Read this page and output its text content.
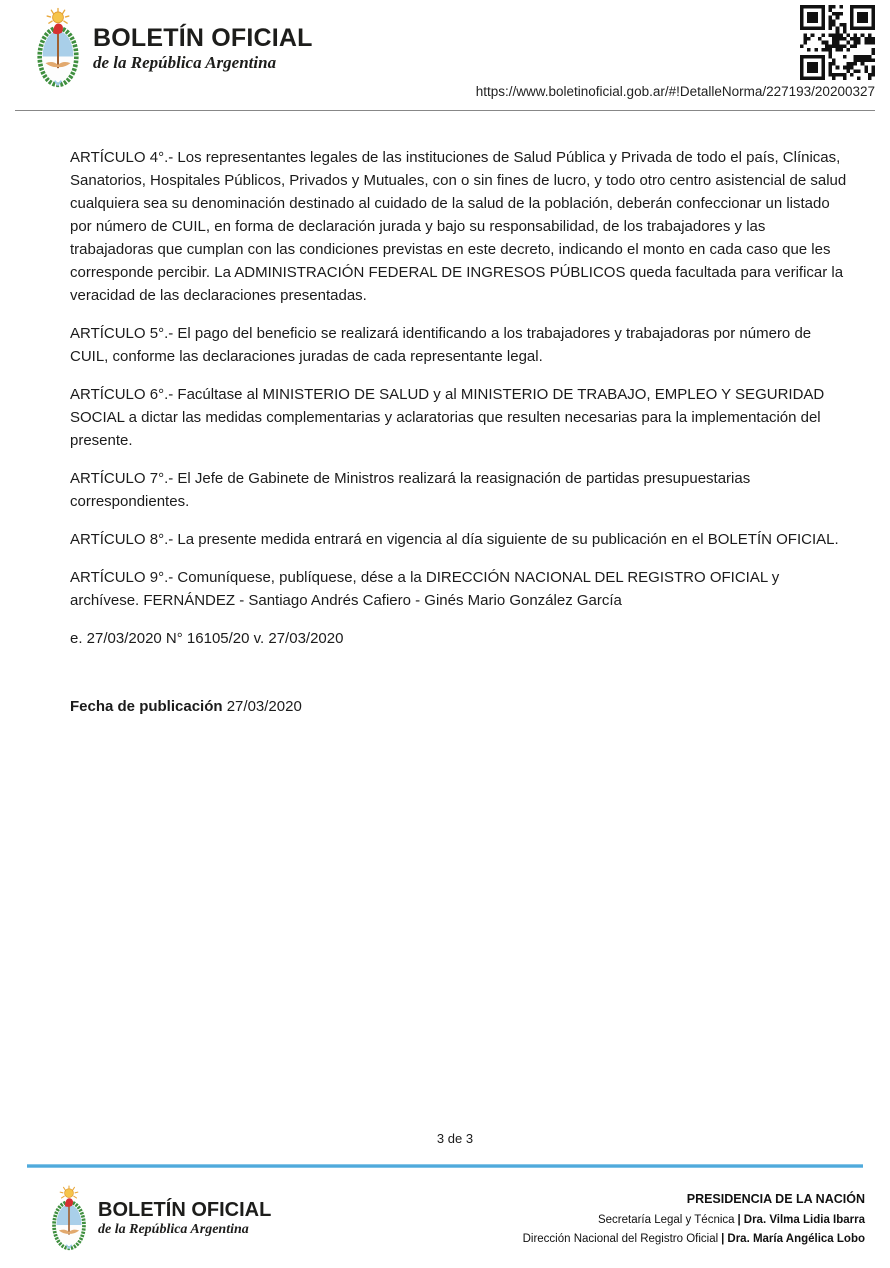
BOLETÍN OFICIAL
de la República Argentina
https://www.boletinoficial.gob.ar/#!DetalleNorma/227193/20200327

ARTÍCULO 4°.- Los representantes legales de las instituciones de Salud Pública y Privada de todo el país, Clínicas, Sanatorios, Hospitales Públicos, Privados y Mutuales, con o sin fines de lucro, y todo otro centro asistencial de salud cualquiera sea su denominación destinado al cuidado de la salud de la población, deberán confeccionar un listado por número de CUIL, en forma de declaración jurada y bajo su responsabilidad, de los trabajadores y las trabajadoras que cumplan con las condiciones previstas en este decreto, indicando el monto en cada caso que les corresponde percibir. La ADMINISTRACIÓN FEDERAL DE INGRESOS PÚBLICOS queda facultada para verificar la veracidad de las declaraciones presentadas.

ARTÍCULO 5°.- El pago del beneficio se realizará identificando a los trabajadores y trabajadoras por número de CUIL, conforme las declaraciones juradas de cada representante legal.

ARTÍCULO 6°.- Facúltase al MINISTERIO DE SALUD y al MINISTERIO DE TRABAJO, EMPLEO Y SEGURIDAD SOCIAL a dictar las medidas complementarias y aclaratorias que resulten necesarias para la implementación del presente.

ARTÍCULO 7°.- El Jefe de Gabinete de Ministros realizará la reasignación de partidas presupuestarias correspondientes.

ARTÍCULO 8°.- La presente medida entrará en vigencia al día siguiente de su publicación en el BOLETÍN OFICIAL.

ARTÍCULO 9°.- Comuníquese, publíquese, dése a la DIRECCIÓN NACIONAL DEL REGISTRO OFICIAL y archívese. FERNÁNDEZ - Santiago Andrés Cafiero - Ginés Mario González García

e. 27/03/2020 N° 16105/20 v. 27/03/2020

Fecha de publicación 27/03/2020

3 de 3
BOLETÍN OFICIAL
de la República Argentina
PRESIDENCIA DE LA NACIÓN
Secretaría Legal y Técnica | Dra. Vilma Lidia Ibarra
Dirección Nacional del Registro Oficial | Dra. María Angélica Lobo
